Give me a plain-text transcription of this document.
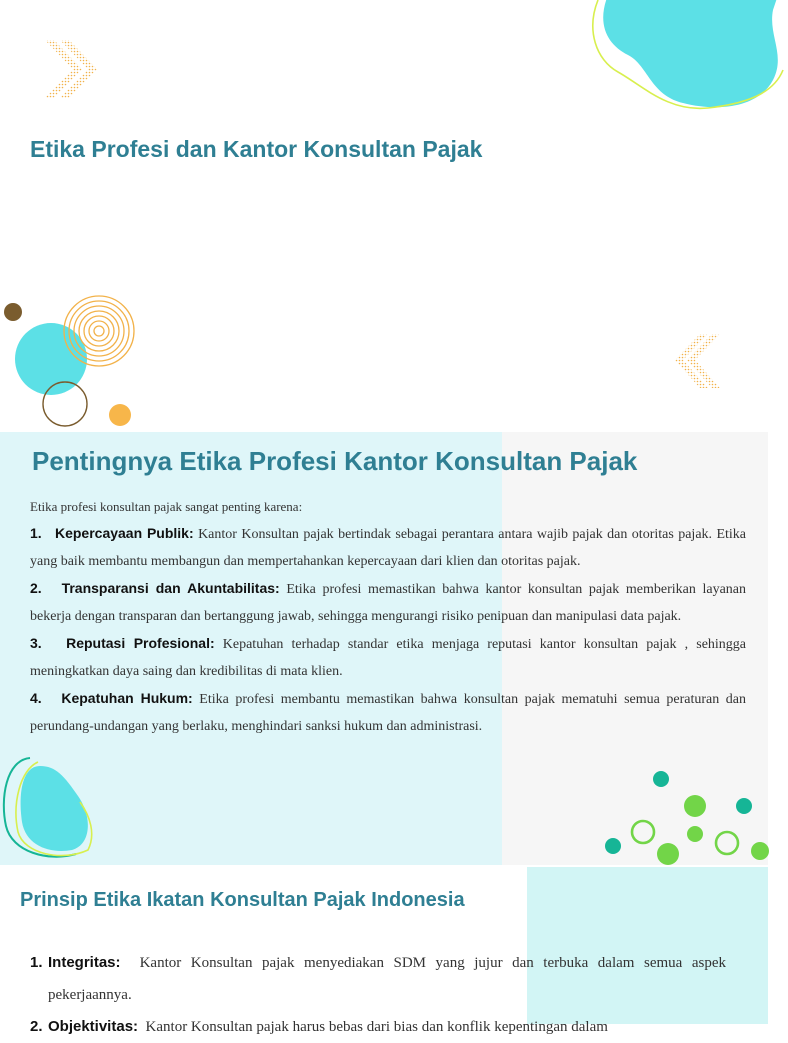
Etika Profesi dan Kantor Konsultan Pajak
Pentingnya Etika Profesi Kantor Konsultan Pajak

Etika profesi konsultan pajak sangat penting karena:

1. Kepercayaan Publik: Kantor Konsultan pajak bertindak sebagai perantara antara wajib pajak dan otoritas pajak. Etika yang baik membantu membangun dan mempertahankan kepercayaan dari klien dan otoritas pajak.

2. Transparansi dan Akuntabilitas: Etika profesi memastikan bahwa kantor konsultan pajak memberikan layanan bekerja dengan transparan dan bertanggung jawab, sehingga mengurangi risiko penipuan dan manipulasi data pajak.

3. Reputasi Profesional: Kepatuhan terhadap standar etika menjaga reputasi kantor konsultan pajak , sehingga meningkatkan daya saing dan kredibilitas di mata klien.

4. Kepatuhan Hukum: Etika profesi membantu memastikan bahwa konsultan pajak mematuhi semua peraturan dan perundang-undangan yang berlaku, menghindari sanksi hukum dan administrasi.

Prinsip Etika Ikatan Konsultan Pajak Indonesia
1. Integritas: Kantor Konsultan pajak menyediakan SDM yang jujur dan terbuka dalam semua aspek pekerjaannya.
2. Objektivitas: Kantor Konsultan pajak harus bebas dari bias dan konflik kepentingan dalam
